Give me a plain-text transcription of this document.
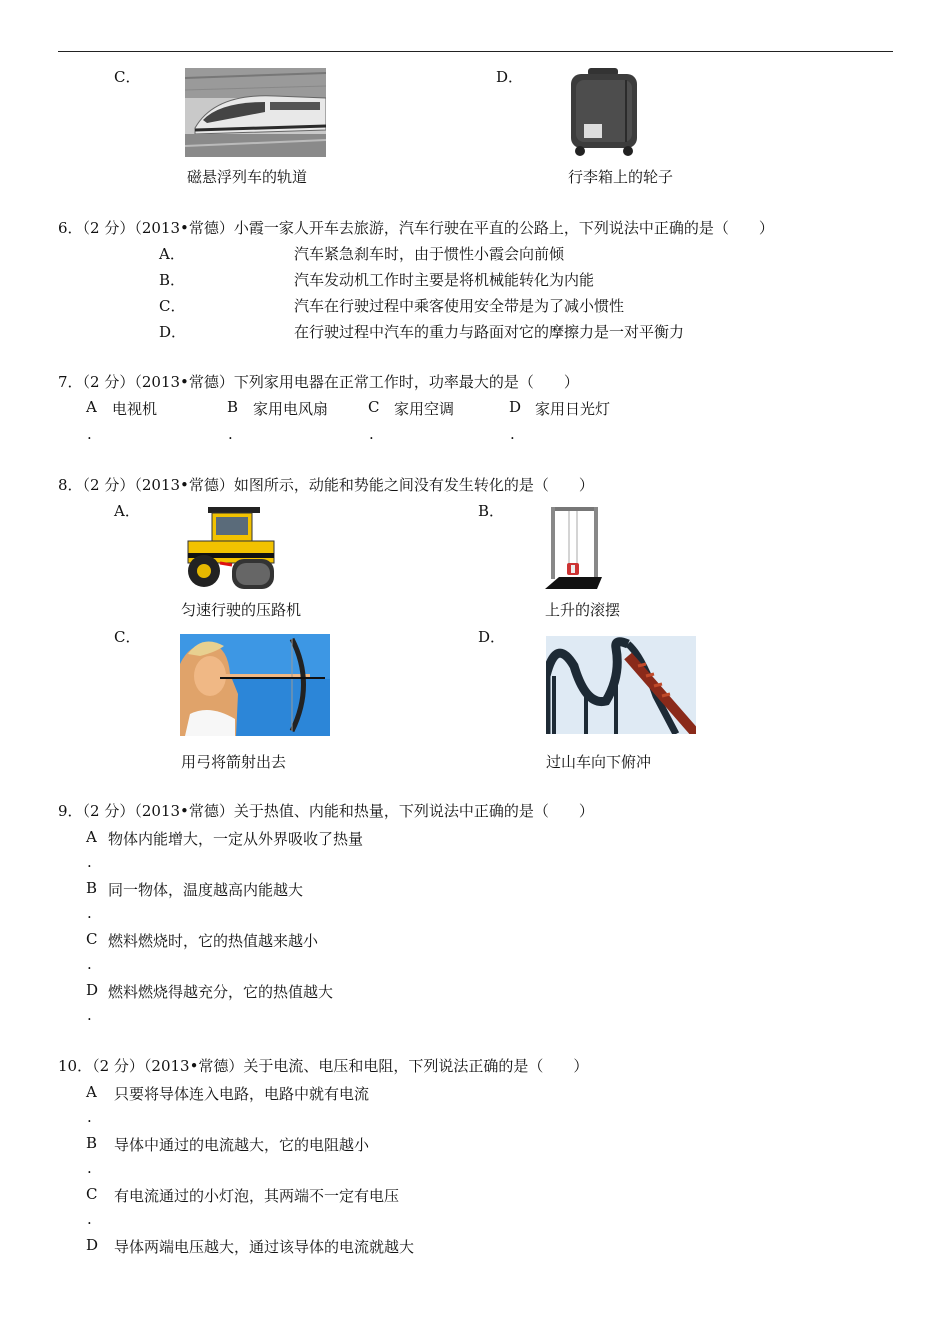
C．
磁悬浮列车的轨道
D．
行李箱上的轮子
6．（2 分）（2013•常德）小霞一家人开车去旅游，汽车行驶在平直的公路上，下列说法中正确的是（　　）
A．	汽车紧急刹车时，由于惯性小霞会向前倾
B．	汽车发动机工作时主要是将机械能转化为内能
C．	汽车在行驶过程中乘客使用安全带是为了减小惯性
D．	在行驶过程中汽车的重力与路面对它的摩擦力是一对平衡力
7．（2 分）（2013•常德）下列家用电器在正常工作时，功率最大的是（　　）
A 电视机
.
B 家用电风扇
.
C 家用空调
.
D 家用日光灯
.
8．（2 分）（2013•常德）如图所示，动能和势能之间没有发生转化的是（　　）
A．
匀速行驶的压路机
B．
上升的滚摆
C．
用弓将箭射出去
D．
过山车向下俯冲
9．（2 分）（2013•常德）关于热值、内能和热量，下列说法中正确的是（　　）
A 物体内能增大，一定从外界吸收了热量
.
B 同一物体，温度越高内能越大
.
C 燃料燃烧时，它的热值越来越小
.
D 燃料燃烧得越充分，它的热值越大
.
10．（2 分）（2013•常德）关于电流、电压和电阻，下列说法正确的是（　　）
A 只要将导体连入电路，电路中就有电流
.
B 导体中通过的电流越大，它的电阻越小
.
C 有电流通过的小灯泡，其两端不一定有电压
.
D 导体两端电压越大，通过该导体的电流就越大
